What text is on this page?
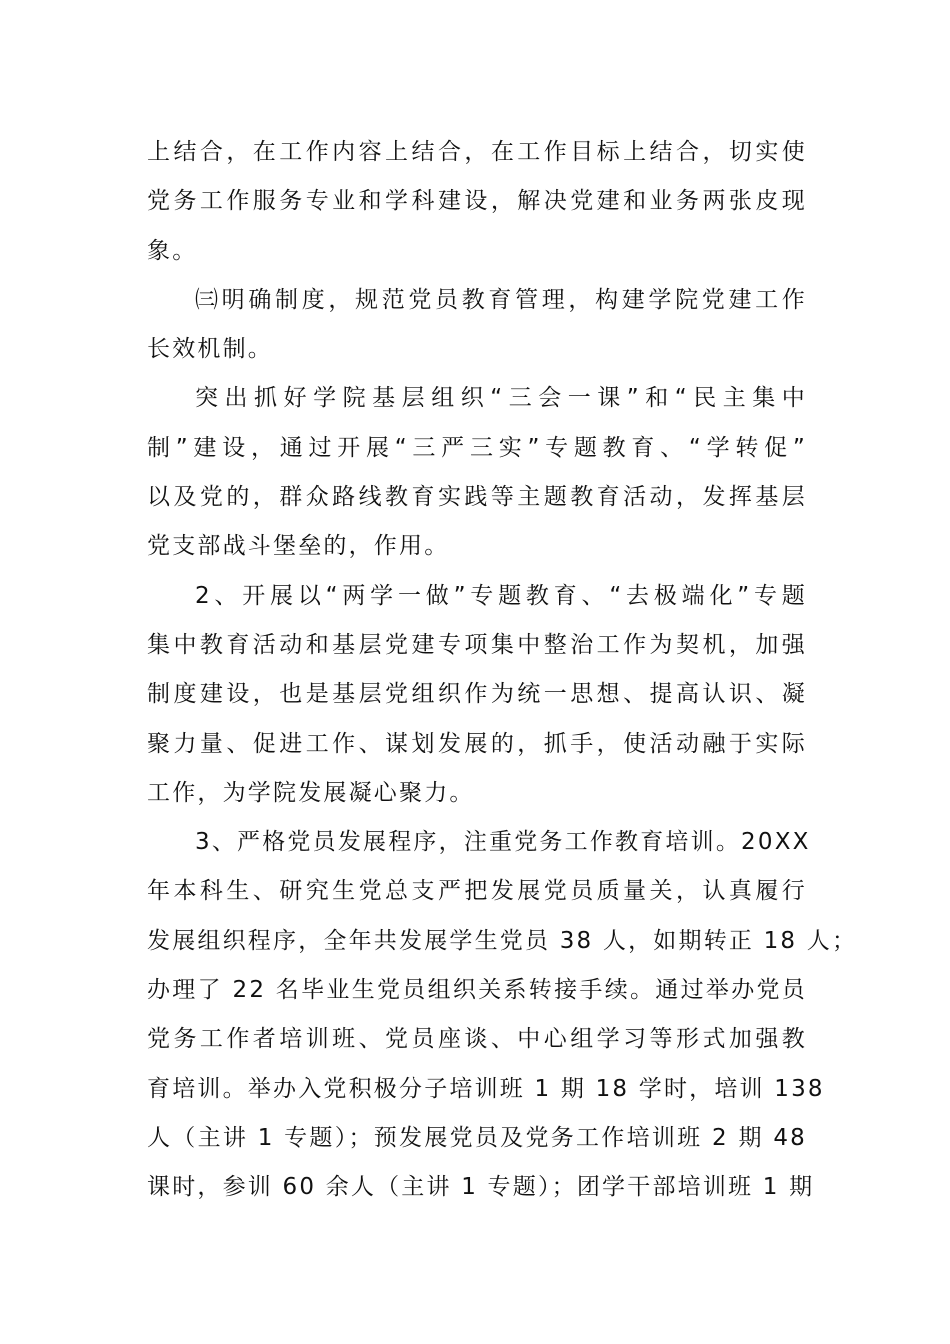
上结合，在工作内容上结合，在工作目标上结合，切实使
党务工作服务专业和学科建设，解决党建和业务两张皮现
象。
㈢明确制度，规范党员教育管理，构建学院党建工作
长效机制。
突出抓好学院基层组织“三会一课”和“民主集中
制”建设，通过开展“三严三实”专题教育、“学转促”
以及党的，群众路线教育实践等主题教育活动，发挥基层
党支部战斗堡垒的，作用。
2、开展以“两学一做”专题教育、“去极端化”专题
集中教育活动和基层党建专项集中整治工作为契机，加强
制度建设，也是基层党组织作为统一思想、提高认识、凝
聚力量、促进工作、谋划发展的，抓手，使活动融于实际
工作，为学院发展凝心聚力。
3、严格党员发展程序，注重党务工作教育培训。20XX
年本科生、研究生党总支严把发展党员质量关，认真履行
发展组织程序，全年共发展学生党员 38 人，如期转正 18 人；
办理了 22 名毕业生党员组织关系转接手续。通过举办党员
党务工作者培训班、党员座谈、中心组学习等形式加强教
育培训。举办入党积极分子培训班 1 期 18 学时，培训 138
人（主讲 1 专题）；预发展党员及党务工作培训班 2 期 48
课时，参训 60 余人（主讲 1 专题）；团学干部培训班 1 期
